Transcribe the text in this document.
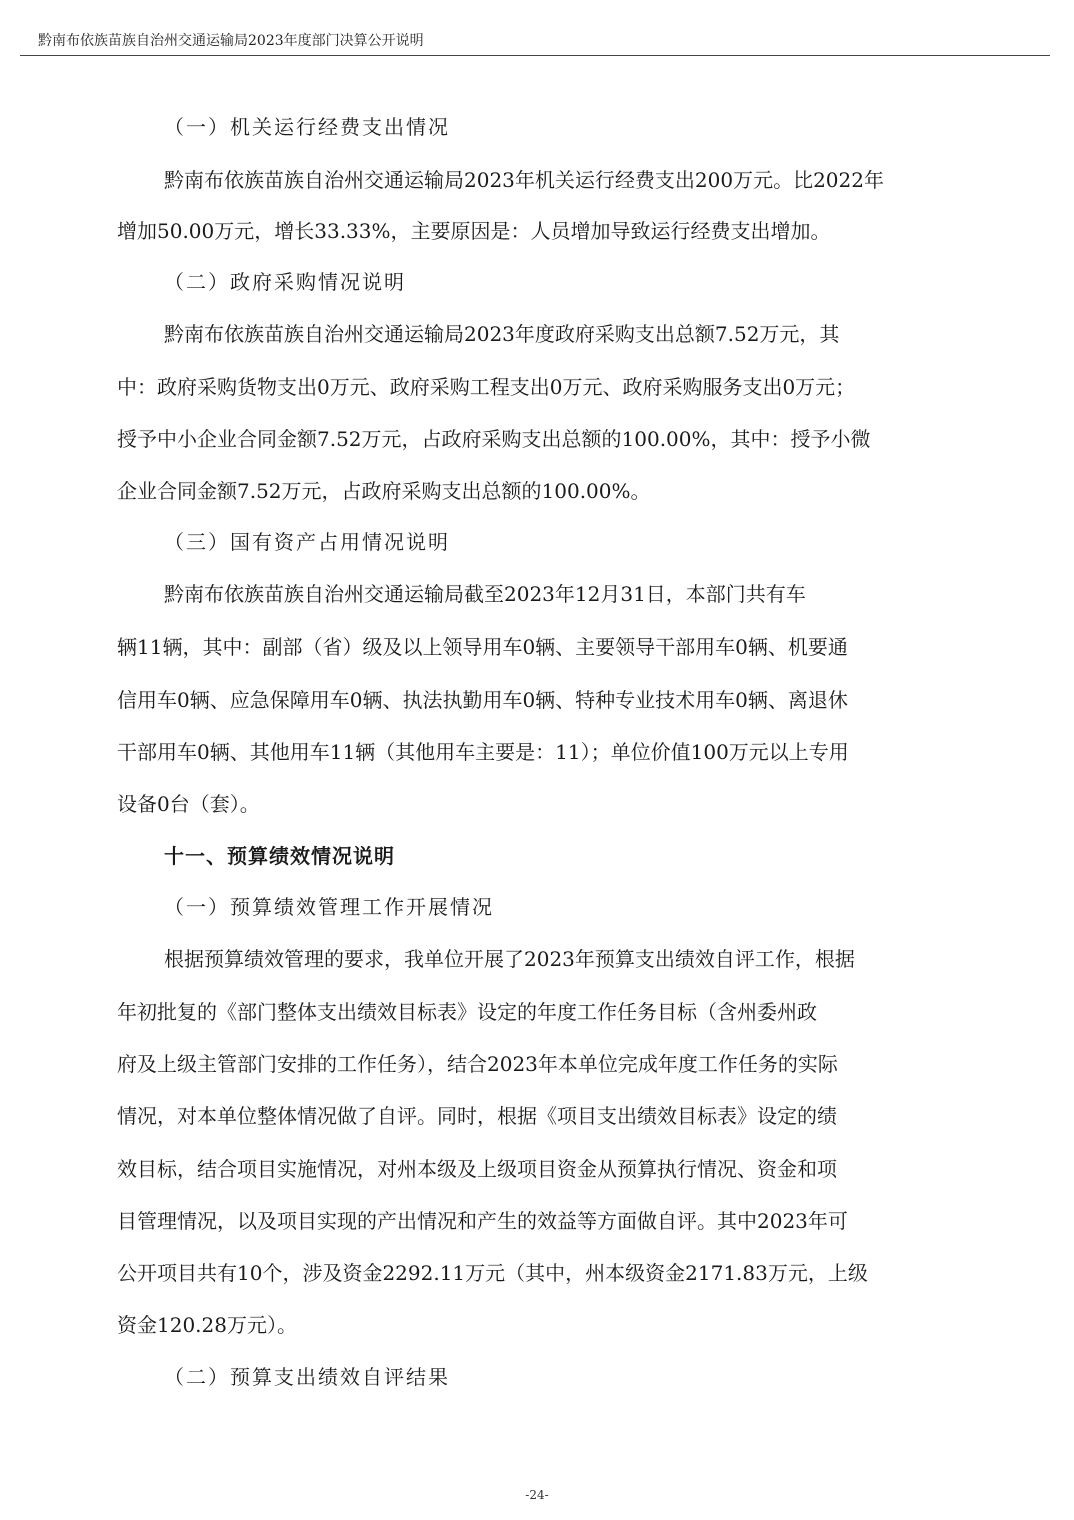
黔南布依族苗族自治州交通运输局2023年度部门决算公开说明
（一）机关运行经费支出情况
黔南布依族苗族自治州交通运输局2023年机关运行经费支出200万元。比2022年
增加50.00万元，增长33.33%，主要原因是：人员增加导致运行经费支出增加。
（二）政府采购情况说明
黔南布依族苗族自治州交通运输局2023年度政府采购支出总额7.52万元，其
中：政府采购货物支出0万元、政府采购工程支出0万元、政府采购服务支出0万元；
授予中小企业合同金额7.52万元，占政府采购支出总额的100.00%，其中：授予小微
企业合同金额7.52万元，占政府采购支出总额的100.00%。
（三）国有资产占用情况说明
黔南布依族苗族自治州交通运输局截至2023年12月31日，本部门共有车
辆11辆，其中：副部（省）级及以上领导用车0辆、主要领导干部用车0辆、机要通
信用车0辆、应急保障用车0辆、执法执勤用车0辆、特种专业技术用车0辆、离退休
干部用车0辆、其他用车11辆（其他用车主要是：11）；单位价值100万元以上专用
设备0台（套）。
十一、预算绩效情况说明
（一）预算绩效管理工作开展情况
根据预算绩效管理的要求，我单位开展了2023年预算支出绩效自评工作，根据
年初批复的《部门整体支出绩效目标表》设定的年度工作任务目标（含州委州政
府及上级主管部门安排的工作任务），结合2023年本单位完成年度工作任务的实际
情况，对本单位整体情况做了自评。同时，根据《项目支出绩效目标表》设定的绩
效目标，结合项目实施情况，对州本级及上级项目资金从预算执行情况、资金和项
目管理情况，以及项目实现的产出情况和产生的效益等方面做自评。其中2023年可
公开项目共有10个，涉及资金2292.11万元（其中，州本级资金2171.83万元，上级
资金120.28万元）。
（二）预算支出绩效自评结果
-24-
